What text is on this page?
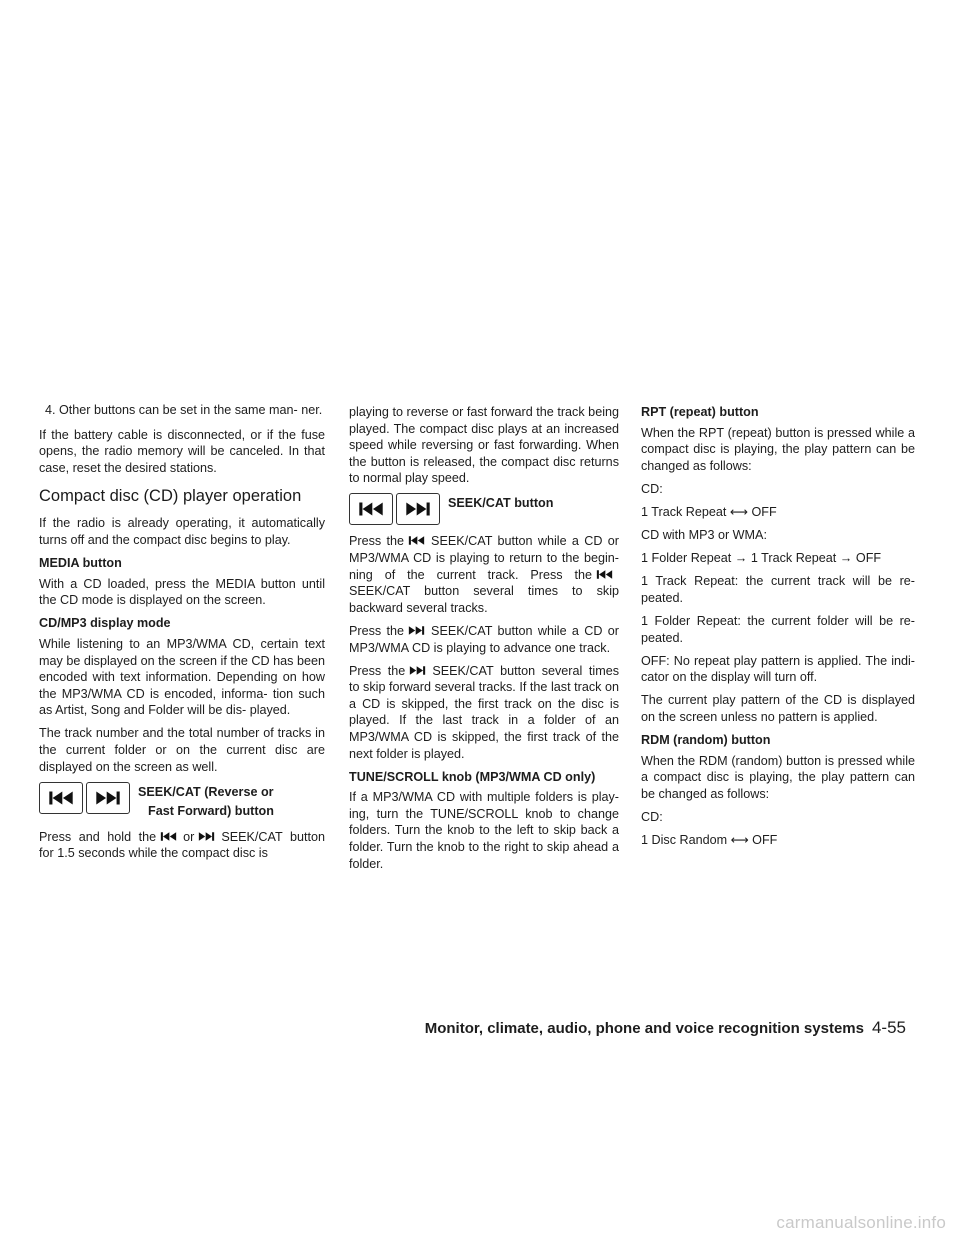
4. Other buttons can be set in the same man- ner.

If the battery cable is disconnected, or if the fuse opens, the radio memory will be canceled. In that case, reset the desired stations.

Compact disc (CD) player operation

If the radio is already operating, it automatically turns off and the compact disc begins to play.

MEDIA button

With a CD loaded, press the MEDIA button until the CD mode is displayed on the screen.

CD/MP3 display mode

While listening to an MP3/WMA CD, certain text may be displayed on the screen if the CD has been encoded with text information. Depending on how the MP3/WMA CD is encoded, informa- tion such as Artist, Song and Folder will be dis- played.

The track number and the total number of tracks in the current folder or on the current disc are displayed on the screen as well.

SEEK/CAT (Reverse or
Fast Forward) button

Press and hold the or SEEK/CAT button for 1.5 seconds while the compact disc is

playing to reverse or fast forward the track being played. The compact disc plays at an increased speed while reversing or fast forwarding. When the button is released, the compact disc returns to normal play speed.

SEEK/CAT button

Press the SEEK/CAT button while a CD or MP3/WMA CD is playing to return to the begin- ning of the current track. Press theSEEK/CAT button several times to skip backward several tracks.

Press the SEEK/CAT button while a CD or MP3/WMA CD is playing to advance one track.

Press the SEEK/CAT button several times to skip forward several tracks. If the last track on a CD is skipped, the first track on the disc is played. If the last track in a folder of an MP3/WMA CD is skipped, the first track of the next folder is played.

TUNE/SCROLL knob (MP3/WMA CD only)

If a MP3/WMA CD with multiple folders is play- ing, turn the TUNE/SCROLL knob to change folders. Turn the knob to the left to skip back a folder. Turn the knob to the right to skip ahead a folder.

RPT (repeat) button

When the RPT (repeat) button is pressed while a compact disc is playing, the play pattern can be changed as follows:

CD:

1 Track Repeat ⟷ OFF

CD with MP3 or WMA:

1 Folder Repeat → 1 Track Repeat → OFF

1 Track Repeat: the current track will be re- peated.

1 Folder Repeat: the current folder will be re- peated.

OFF: No repeat play pattern is applied. The indi- cator on the display will turn off.

The current play pattern of the CD is displayed on the screen unless no pattern is applied.

RDM (random) button

When the RDM (random) button is pressed while a compact disc is playing, the play pattern can be changed as follows:

CD:

1 Disc Random ⟷ OFF

Monitor, climate, audio, phone and voice recognition systems 4-55
carmanualsonline.info
